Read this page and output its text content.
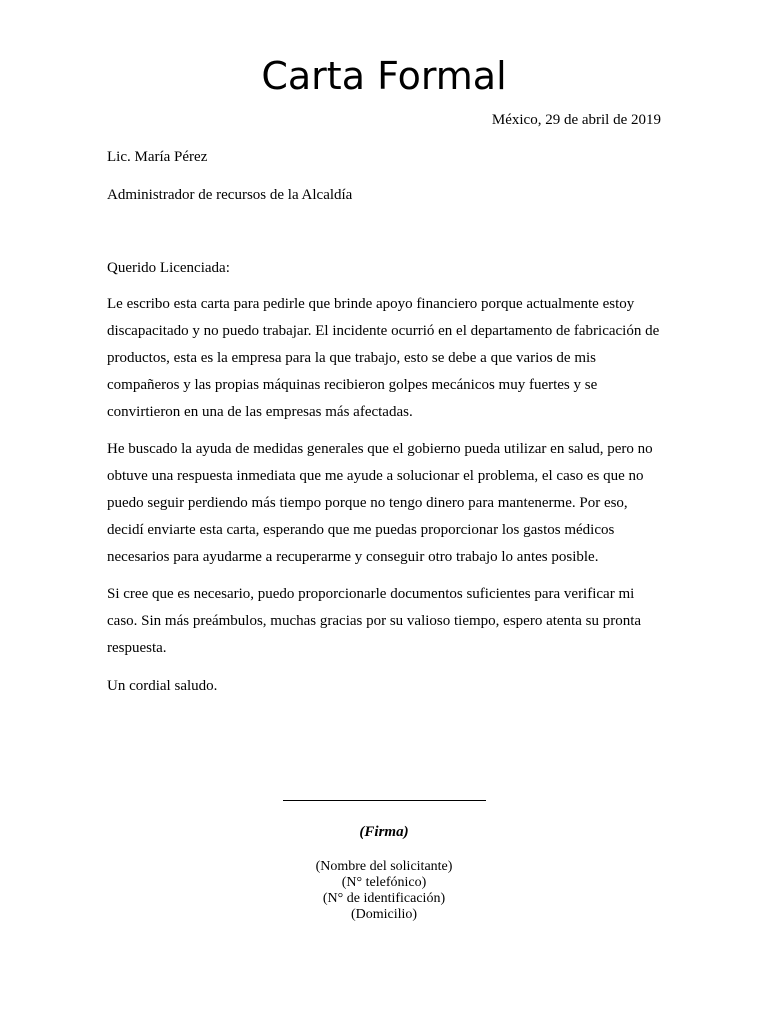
Carta Formal
México, 29 de abril de 2019
Lic. María Pérez
Administrador de recursos de la Alcaldía
Querido Licenciada:

Le escribo esta carta para pedirle que brinde apoyo financiero porque actualmente estoy discapacitado y no puedo trabajar. El incidente ocurrió en el departamento de fabricación de productos, esta es la empresa para la que trabajo, esto se debe a que varios de mis compañeros y las propias máquinas recibieron golpes mecánicos muy fuertes y se convirtieron en una de las empresas más afectadas.

He buscado la ayuda de medidas generales que el gobierno pueda utilizar en salud, pero no obtuve una respuesta inmediata que me ayude a solucionar el problema, el caso es que no puedo seguir perdiendo más tiempo porque no tengo dinero para mantenerme. Por eso, decidí enviarte esta carta, esperando que me puedas proporcionar los gastos médicos necesarios para ayudarme a recuperarme y conseguir otro trabajo lo antes posible.

Si cree que es necesario, puedo proporcionarle documentos suficientes para verificar mi caso. Sin más preámbulos, muchas gracias por su valioso tiempo, espero atenta su pronta respuesta.

Un cordial saludo.
(Firma)
(Nombre del solicitante)
(N° telefónico)
(N° de identificación)
(Domicilio)
